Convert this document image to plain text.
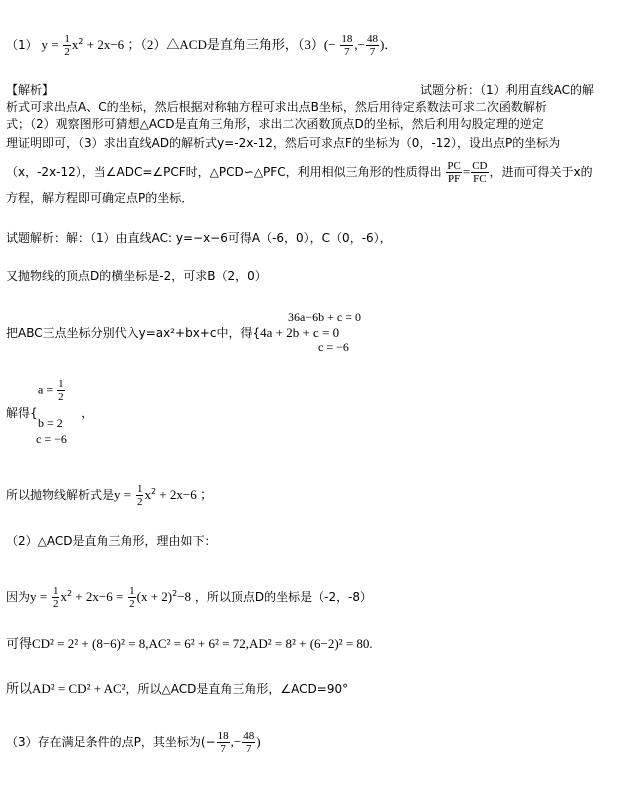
（1） $y = \frac{1}{2} x^2 + 2x-6$ ；（2）△ACD是直角三角形，$(3)(- \frac{18}{7}$ ,− $\frac{48}{7}$ )．
【解析】	试题分析：（1）利用直线AC的解
析式可求出点A、C的坐标，然后根据对称轴方程可求出点B坐标，然后用待定系数法可求二次函数解析
式；（2）观察图形可猜想△ACD是直角三角形，求出二次函数顶点D的坐标，然后利用勾股定理的逆定
理证明即可，（3）求出直线AD的解析式y=-2x-12，然后可求点F的坐标为（0，-12），设出点P的坐标为
（x，-2x-12），当∠ADC=∠PCF时，△PCD∽△PFC，利用相似三角形的性质得出 $\frac{PC}{PF} = \frac{CD}{FC}$ ，进而可得关于x的
方程，解方程即可确定点P的坐标．
试题解析：解：（1）由直线AC: y=−x−6可得A（-6，0），C（0，-6），
又抛物线的顶点D的横坐标是-2，可求B（2，0）
36a−6b + c = 0
把ABC三点坐标分别代入y=ax²+bx+c中，得{4a + 2b + c = 0
c = −6
$a = \frac{1}{2}$
解得{	，
b = 2
c = −6
所以抛物线解析式是$y = \frac{1}{2} x^2 + 2x-6$ ；
（2）△ACD是直角三角形，理由如下：
因为$y = \frac{1}{2} x^2 + 2x-6 = \frac{1}{2} (x + 2)^2-8$ ，所以顶点D的坐标是（-2，-8）
可得CD² = 2² + (8−6)² = 8,AC² = 6² + 6² = 72,AD² = 8² + (6−2)² = 80.
所以AD² = CD² + AC²，所以△ACD是直角三角形，∠ACD=90°
（3）存在满足条件的点P，其坐标为(− $\frac{18}{7}$ ,− $\frac{48}{7}$ )
